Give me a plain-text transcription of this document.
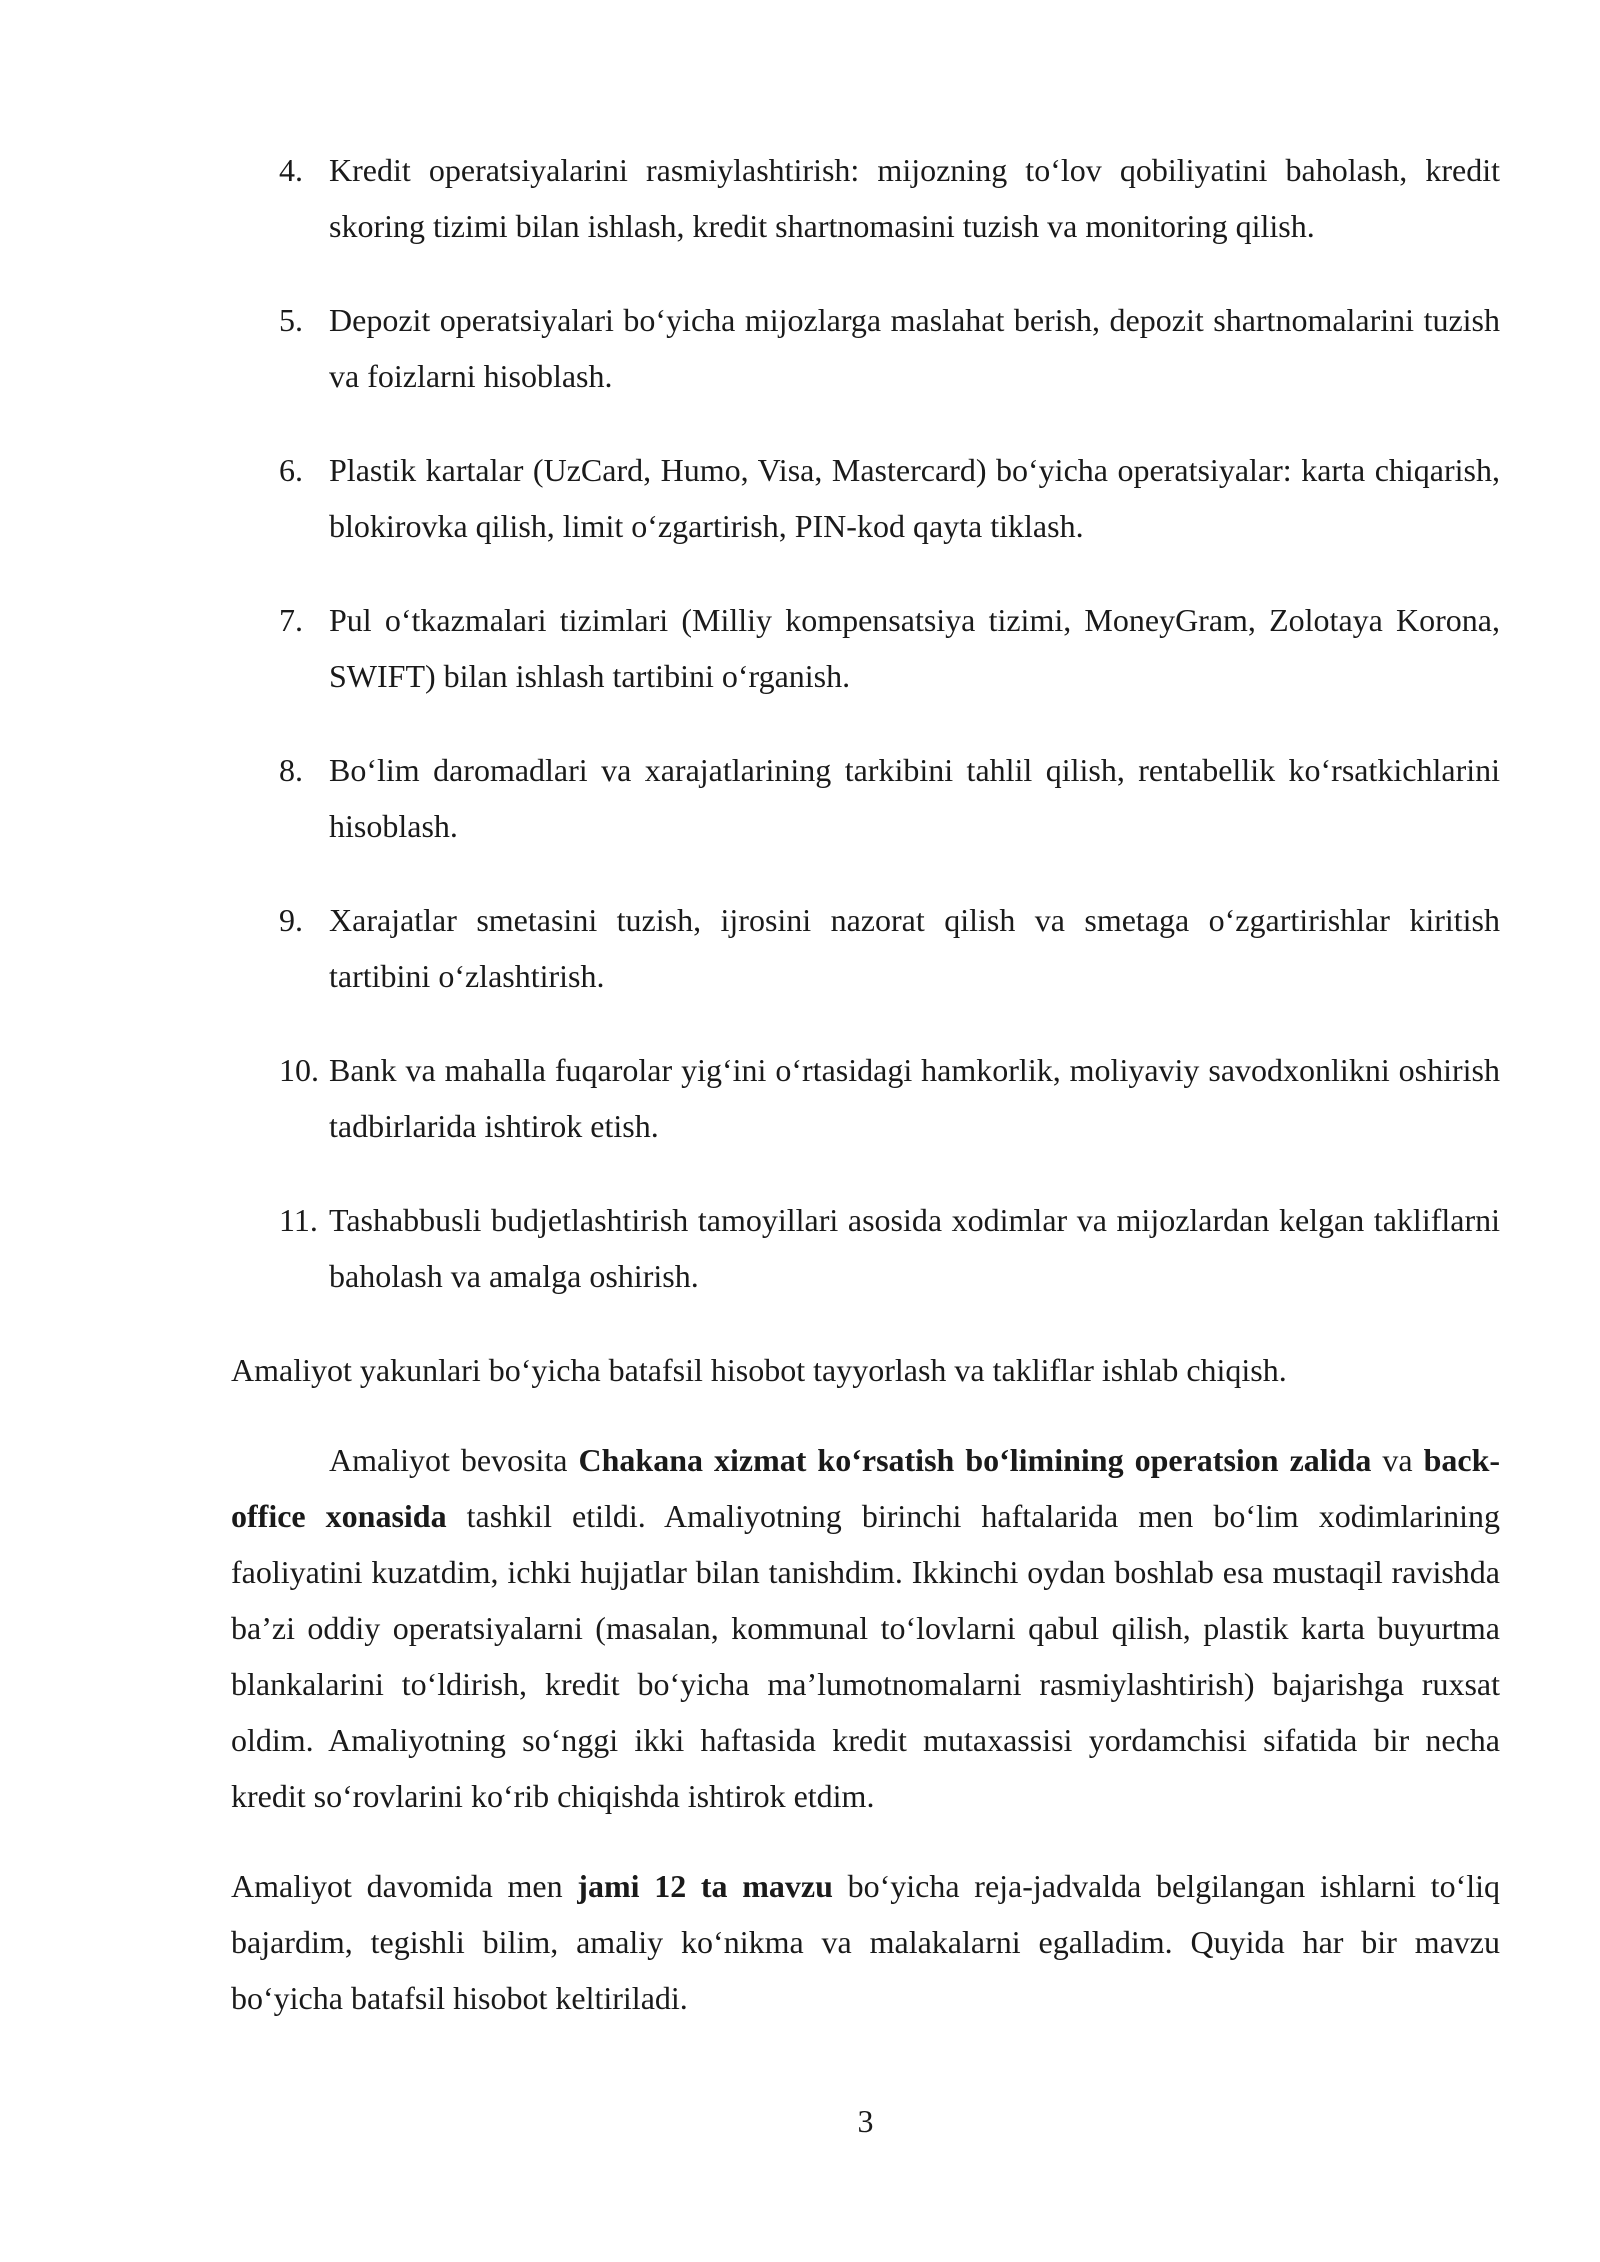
4. Kredit operatsiyalarini rasmiylashtirish: mijozning to‘lov qobiliyatini baholash, kredit
skoring tizimi bilan ishlash, kredit shartnomasini tuzish va monitoring qilish.
5. Depozit operatsiyalari bo‘yicha mijozlarga maslahat berish, depozit shartnomalarini tuzish
va foizlarni hisoblash.
6. Plastik kartalar (UzCard, Humo, Visa, Mastercard) bo‘yicha operatsiyalar: karta chiqarish,
blokirovka qilish, limit o‘zgartirish, PIN-kod qayta tiklash.
7. Pul o‘tkazmalari tizimlari (Milliy kompensatsiya tizimi, MoneyGram, Zolotaya Korona,
SWIFT) bilan ishlash tartibini o‘rganish.
8. Bo‘lim daromadlari va xarajatlarining tarkibini tahlil qilish, rentabellik ko‘rsatkichlarini
hisoblash.
9. Xarajatlar smetasini tuzish, ijrosini nazorat qilish va smetaga o‘zgartirishlar kiritish
tartibini o‘zlashtirish.
10. Bank va mahalla fuqarolar yig‘ini o‘rtasidagi hamkorlik, moliyaviy savodxonlikni oshirish
tadbirlarida ishtirok etish.
11. Tashabbusli budjetlashtirish tamoyillari asosida xodimlar va mijozlardan kelgan takliflarni
baholash va amalga oshirish.
Amaliyot yakunlari bo‘yicha batafsil hisobot tayyorlash va takliflar ishlab chiqish.
Amaliyot bevosita Chakana xizmat ko‘rsatish bo‘limining operatsion zalida va back-
office xonasida tashkil etildi. Amaliyotning birinchi haftalarida men bo‘lim xodimlarining
faoliyatini kuzatdim, ichki hujjatlar bilan tanishdim. Ikkinchi oydan boshlab esa mustaqil ravishda
ba’zi oddiy operatsiyalarni (masalan, kommunal to‘lovlarni qabul qilish, plastik karta buyurtma
blankalarini to‘ldirish, kredit bo‘yicha ma’lumotnomalarni rasmiylashtirish) bajarishga ruxsat
oldim. Amaliyotning so‘nggi ikki haftasida kredit mutaxassisi yordamchisi sifatida bir necha
kredit so‘rovlarini ko‘rib chiqishda ishtirok etdim.
Amaliyot davomida men jami 12 ta mavzu bo‘yicha reja-jadvalda belgilangan ishlarni to‘liq
bajardim, tegishli bilim, amaliy ko‘nikma va malakalarni egalladim. Quyida har bir mavzu
bo‘yicha batafsil hisobot keltiriladi.
3
